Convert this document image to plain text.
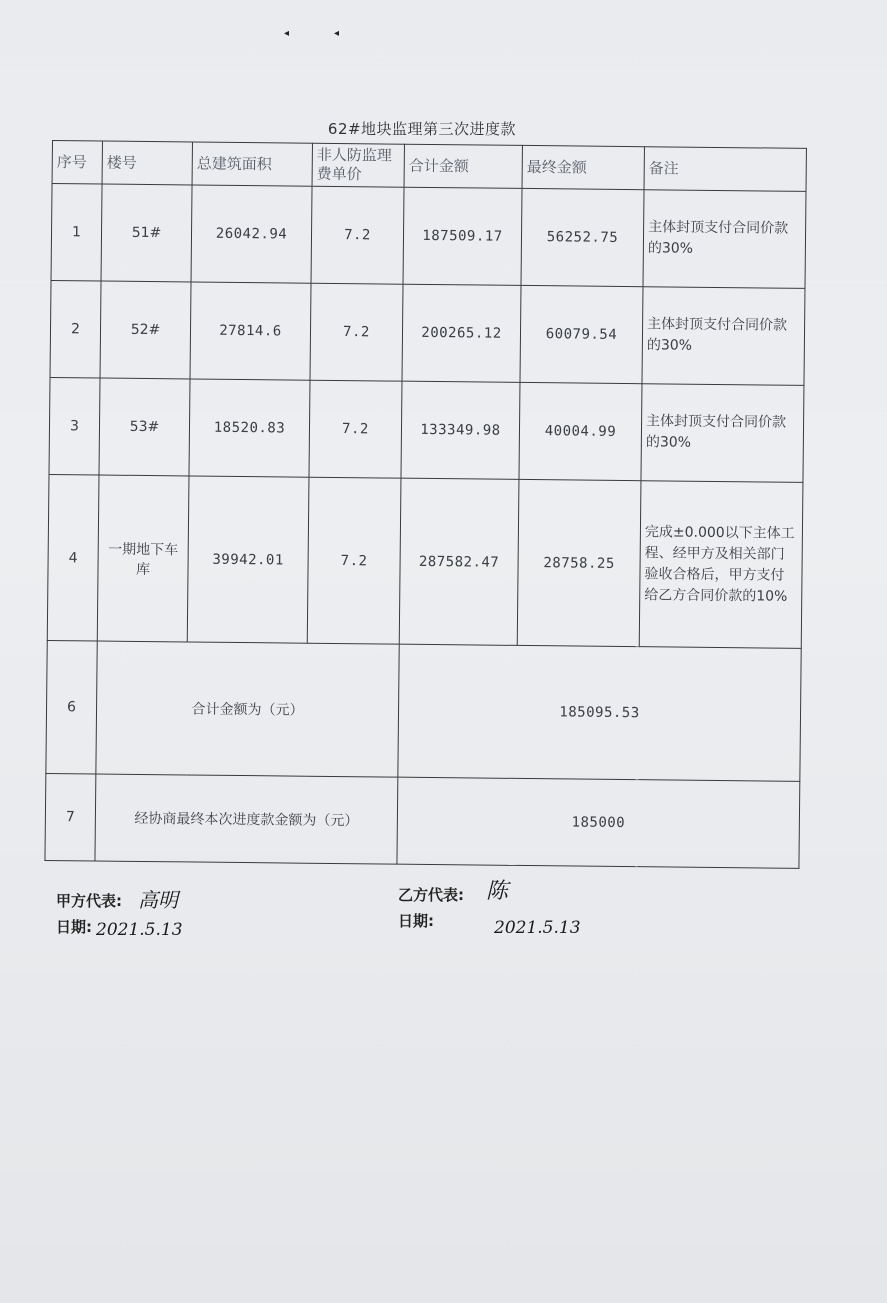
◂	◂
62#地块监理第三次进度款
序号	楼号	总建筑面积	非人防监理费单价	合计金额	最终金额	备注
1	51#	26042.94	7.2	187509.17	56252.75	主体封顶支付合同价款的30%
2	52#	27814.6	7.2	200265.12	60079.54	主体封顶支付合同价款的30%
3	53#	18520.83	7.2	133349.98	40004.99	主体封顶支付合同价款的30%
4	一期地下车库	39942.01	7.2	287582.47	28758.25	完成±0.000以下主体工程、经甲方及相关部门验收合格后，甲方支付给乙方合同价款的10%
6	合计金额为（元）			185095.53		
7	经协商最终本次进度款金额为（元）			185000		
甲方代表: 高明
日期: 2021.5.13
乙方代表: 陈
日期:	2021.5.13
